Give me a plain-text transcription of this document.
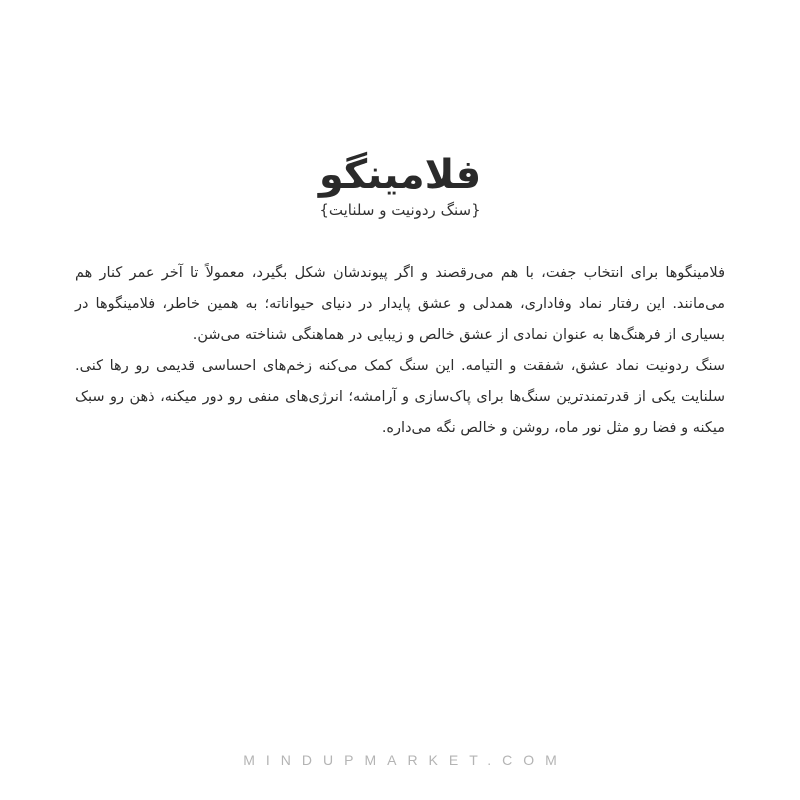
فلامینگو
{سنگ ردونیت و سلنایت}

فلامینگوها برای انتخاب جفت، با هم می‌رقصند و اگر پیوندشان شکل بگیرد، معمولاً تا آخر عمر کنار هم می‌مانند. این رفتار نماد وفاداری، همدلی و عشق پایدار در دنیای حیواناته؛ به همین خاطر، فلامینگوها در بسیاری از فرهنگ‌ها به عنوان نمادی از عشق خالص و زیبایی در هماهنگی شناخته می‌شن.

سنگ ردونیت نماد عشق، شفقت و التیامه. این سنگ کمک می‌کنه زخم‌های احساسی قدیمی رو رها کنی. سلنایت یکی از قدرتمندترین سنگ‌ها برای پاک‌سازی و آرامشه؛ انرژی‌های منفی رو دور میکنه، ذهن رو سبک میکنه و فضا رو مثل نور ماه، روشن و خالص نگه می‌داره.

MINDUPMARKET.COM
